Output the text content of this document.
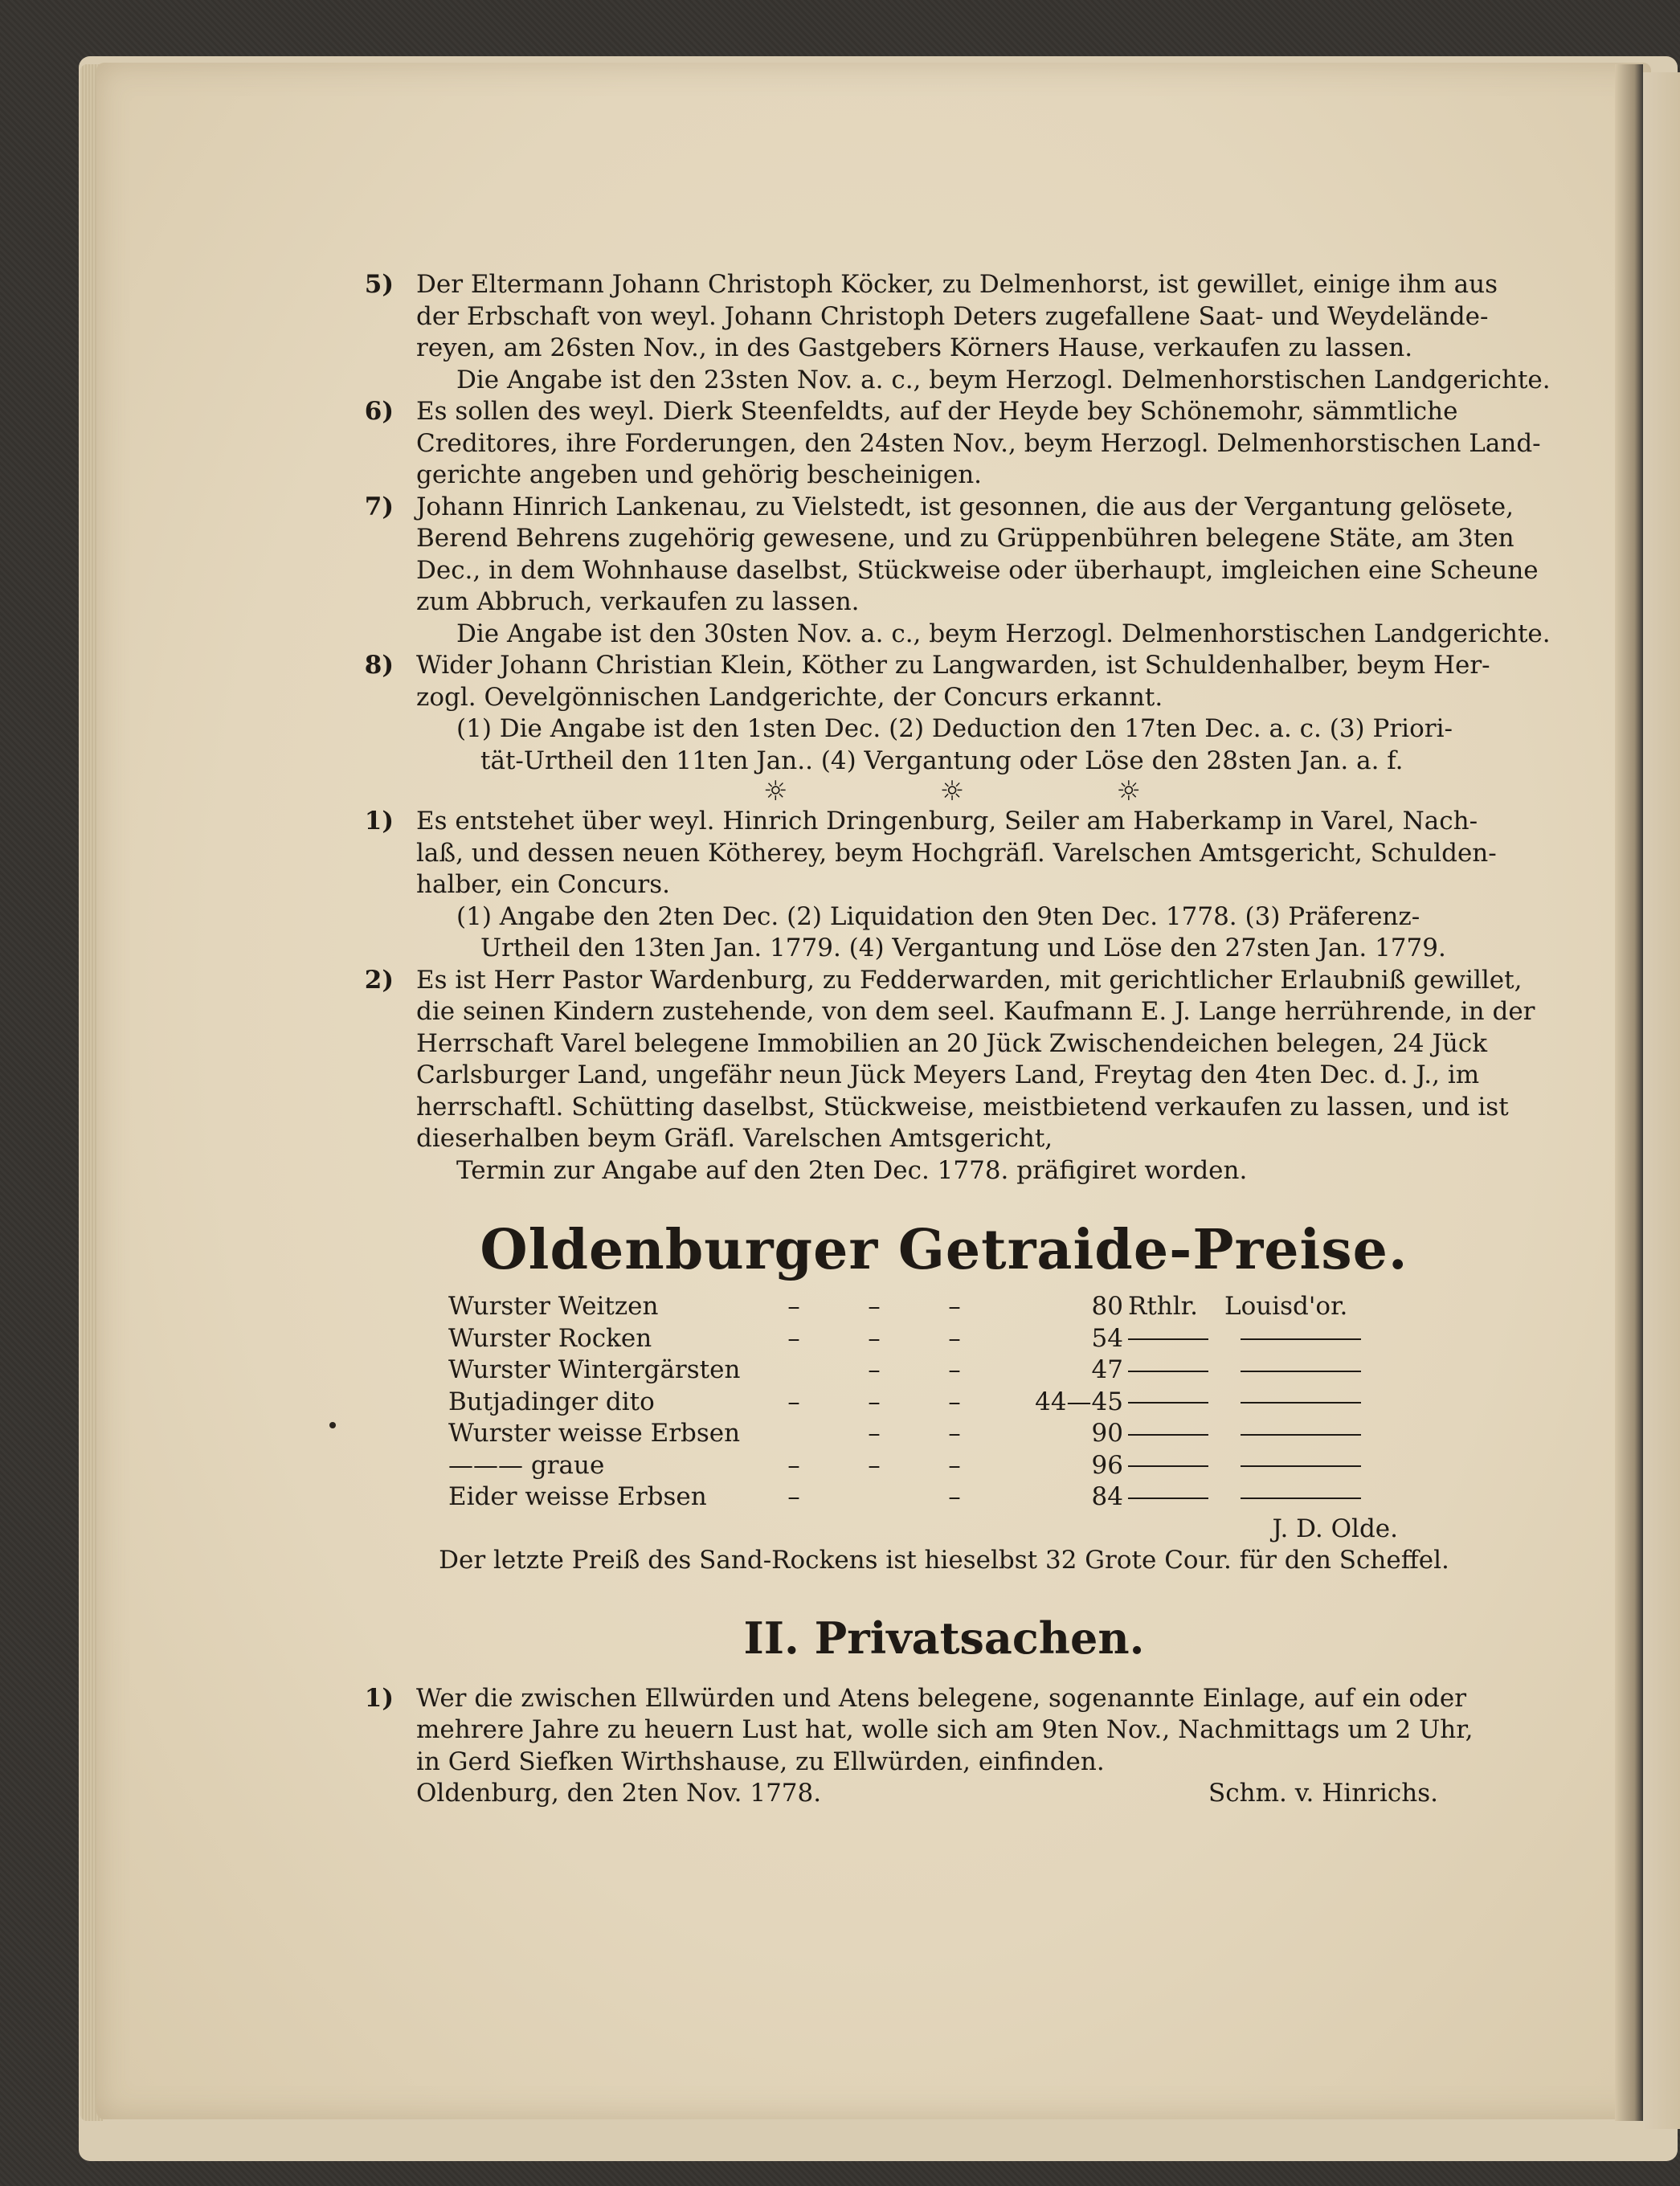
5) Der Eltermann Johann Christoph Köcker, zu Delmenhorst, ist gewillet, einige ihm aus
der Erbschaft von weyl. Johann Christoph Deters zugefallene Saat- und Weydelände-
reyen, am 26sten Nov., in des Gastgebers Körners Hause, verkaufen zu lassen.
Die Angabe ist den 23sten Nov. a. c., beym Herzogl. Delmenhorstischen Landgerichte.
6) Es sollen des weyl. Dierk Steenfeldts, auf der Heyde bey Schönemohr, sämmtliche
Creditores, ihre Forderungen, den 24sten Nov., beym Herzogl. Delmenhorstischen Land-
gerichte angeben und gehörig bescheinigen.
7) Johann Hinrich Lankenau, zu Vielstedt, ist gesonnen, die aus der Vergantung gelösete,
Berend Behrens zugehörig gewesene, und zu Grüppenbühren belegene Stäte, am 3ten
Dec., in dem Wohnhause daselbst, Stückweise oder überhaupt, imgleichen eine Scheune
zum Abbruch, verkaufen zu lassen.
Die Angabe ist den 30sten Nov. a. c., beym Herzogl. Delmenhorstischen Landgerichte.
8) Wider Johann Christian Klein, Köther zu Langwarden, ist Schuldenhalber, beym Her-
zogl. Oevelgönnischen Landgerichte, der Concurs erkannt.
(1) Die Angabe ist den 1sten Dec. (2) Deduction den 17ten Dec. a. c. (3) Priori-
tät-Urtheil den 11ten Jan.. (4) Vergantung oder Löse den 28sten Jan. a. f.
☼	☼	☼
1) Es entstehet über weyl. Hinrich Dringenburg, Seiler am Haberkamp in Varel, Nach-
laß, und dessen neuen Kötherey, beym Hochgräfl. Varelschen Amtsgericht, Schulden-
halber, ein Concurs.
(1) Angabe den 2ten Dec. (2) Liquidation den 9ten Dec. 1778. (3) Präferenz-
Urtheil den 13ten Jan. 1779. (4) Vergantung und Löse den 27sten Jan. 1779.
2) Es ist Herr Pastor Wardenburg, zu Fedderwarden, mit gerichtlicher Erlaubniß gewillet,
die seinen Kindern zustehende, von dem seel. Kaufmann E. J. Lange herrührende, in der
Herrschaft Varel belegene Immobilien an 20 Jück Zwischendeichen belegen, 24 Jück
Carlsburger Land, ungefähr neun Jück Meyers Land, Freytag den 4ten Dec. d. J., im
herrschaftl. Schütting daselbst, Stückweise, meistbietend verkaufen zu lassen, und ist
dieserhalben beym Gräfl. Varelschen Amtsgericht,
Termin zur Angabe auf den 2ten Dec. 1778. präfigiret worden.
Oldenburger Getraide-Preise.
Wurster Weitzen	–	–	–	80	Rthlr.	Louisd'or.
Wurster Rocken	–	–	–	54		
Wurster Wintergärsten		–	–	47		
Butjadinger dito	–	–	–	44—45		
Wurster weisse Erbsen		–	–	90		
——— graue	–	–	–	96		
Eider weisse Erbsen	–		–	84		
J. D. Olde.
Der letzte Preiß des Sand-Rockens ist hieselbst 32 Grote Cour. für den Scheffel.
II. Privatsachen.
1) Wer die zwischen Ellwürden und Atens belegene, sogenannte Einlage, auf ein oder
mehrere Jahre zu heuern Lust hat, wolle sich am 9ten Nov., Nachmittags um 2 Uhr,
in Gerd Siefken Wirthshause, zu Ellwürden, einfinden.
Oldenburg, den 2ten Nov. 1778.	Schm. v. Hinrichs.
